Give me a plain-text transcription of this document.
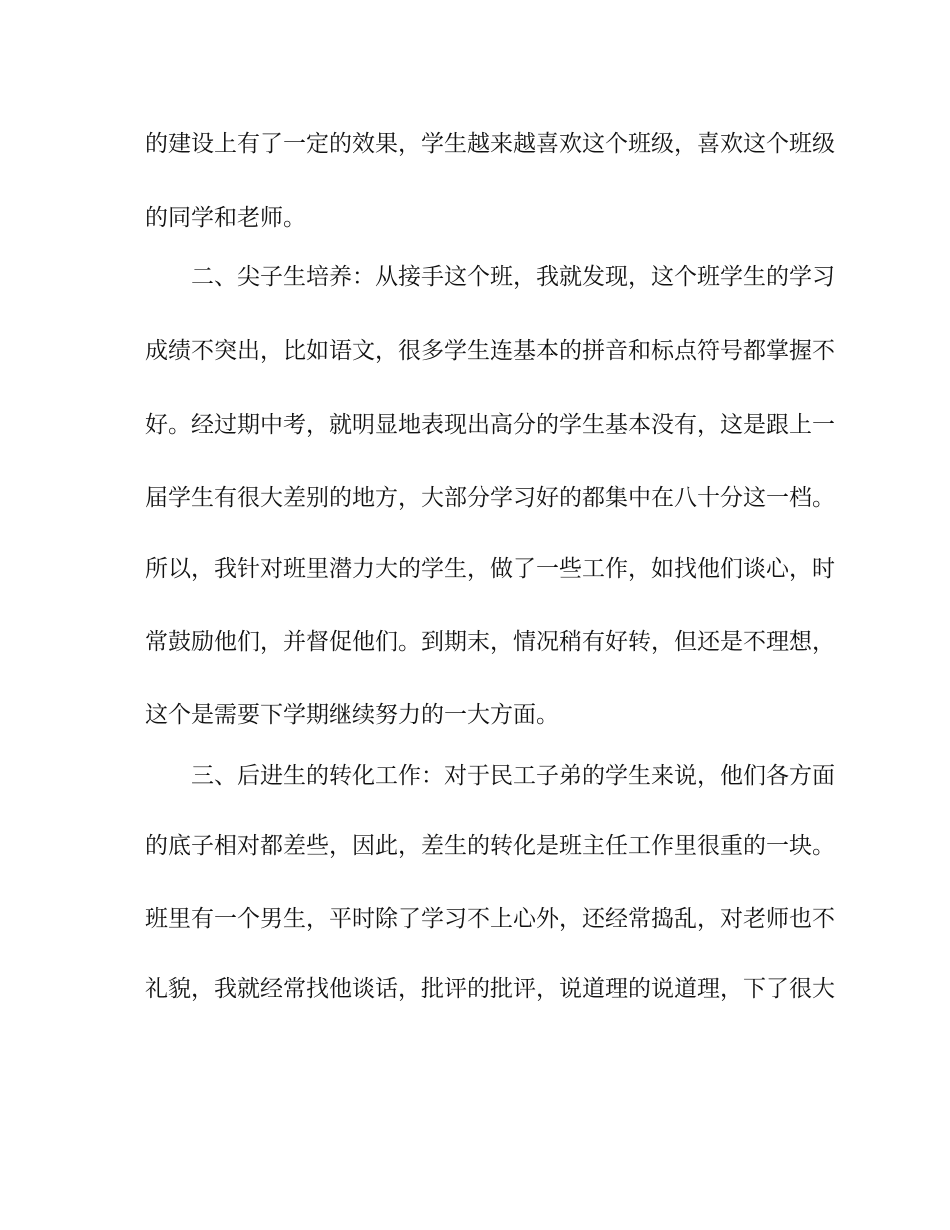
的建设上有了一定的效果，学生越来越喜欢这个班级，喜欢这个班级
的同学和老师。
　　二、尖子生培养：从接手这个班，我就发现，这个班学生的学习
成绩不突出，比如语文，很多学生连基本的拼音和标点符号都掌握不
好。经过期中考，就明显地表现出高分的学生基本没有，这是跟上一
届学生有很大差别的地方，大部分学习好的都集中在八十分这一档。
所以，我针对班里潜力大的学生，做了一些工作，如找他们谈心，时
常鼓励他们，并督促他们。到期末，情况稍有好转，但还是不理想，
这个是需要下学期继续努力的一大方面。
　　三、后进生的转化工作：对于民工子弟的学生来说，他们各方面
的底子相对都差些，因此，差生的转化是班主任工作里很重的一块。
班里有一个男生，平时除了学习不上心外，还经常捣乱，对老师也不
礼貌，我就经常找他谈话，批评的批评，说道理的说道理，下了很大
